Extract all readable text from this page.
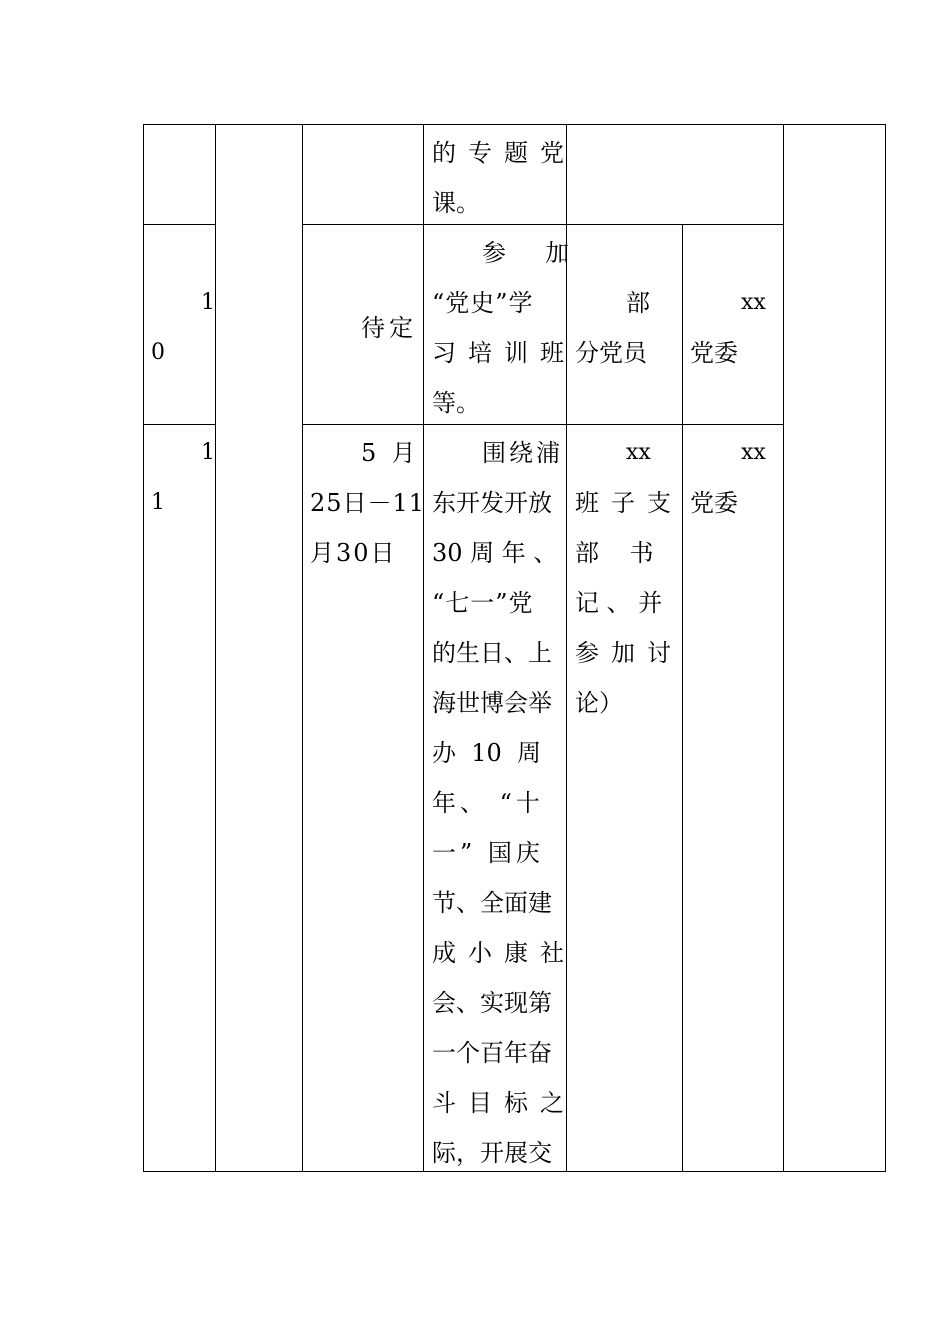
的专题党
课。
1
0
待定
参  加
“党史”学
习培训班
等。
部
分党员
xx
党委
1
1
5  月
25日－11
月30日
围绕浦
东开发开放
30 周 年 、
“七一”党
的生日、上
海世博会举
办  10  周
年、 “十
一” 国庆
节、全面建
成小康社
会、实现第
一个百年奋
斗目标之
际，开展交
xx
班子支
部    书
记 、 并
参加讨
论）
xx
党委
